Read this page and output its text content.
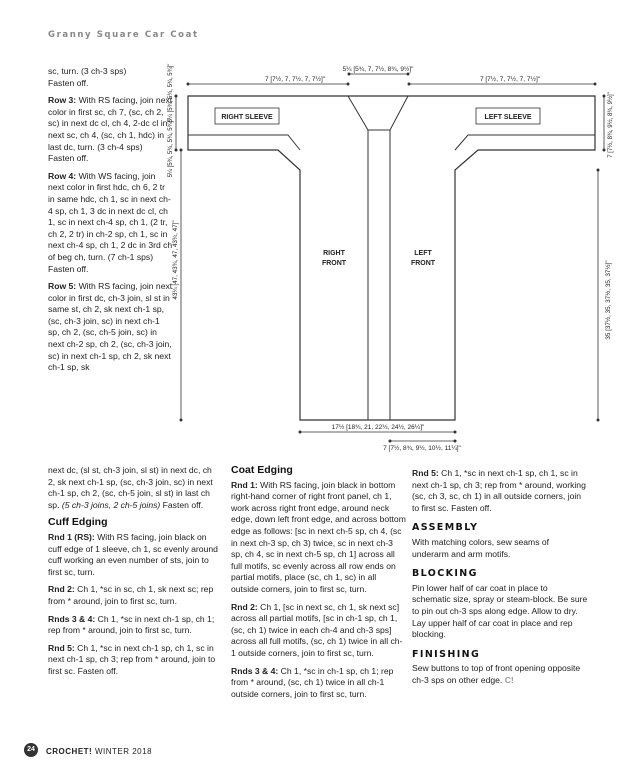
Granny Square Car Coat
5¼ [5¾, 7, 7½, 8¾, 9½]"
7 [7½, 7, 7½, 7, 7½]"	7 [7½, 7, 7½, 7, 7½]"
5¼ [5¾, 5¾, 5¾, 5¾]"
5¼ [5¾, 5¾, 5¾, 5¾]"
43¼ [47, 43¾, 47, 43¾, 47]"
7 [7½, 8¾, 9½, 8¾, 9½]"
35 [37½, 35, 37½, 35, 37½]"
17½ [18¾, 21, 22½, 24½, 26¼]"
7 [7½, 8¾, 9½, 10½, 11¼]"
RIGHT SLEEVE	LEFT SLEEVE
RIGHT
FRONT
LEFT
FRONT

sc, turn. (3 ch-3 sps)
Fasten off.

Row 3: With RS facing, join next color in first sc, ch 7, (sc, ch 2, sc) in next dc cl, ch 4, 2-dc cl in next sc, ch 4, (sc, ch 1, hdc) in last dc, turn. (3 ch-4 sps)
Fasten off.

Row 4: With WS facing, join next color in first hdc, ch 6, 2 tr in same hdc, ch 1, sc in next ch-4 sp, ch 1, 3 dc in next dc cl, ch 1, sc in next ch-4 sp, ch 1, (2 tr, ch 2, 2 tr) in ch-2 sp, ch 1, sc in next ch-4 sp, ch 1, 2 dc in 3rd ch of beg ch, turn. (7 ch-1 sps)
Fasten off.

Row 5: With RS facing, join next color in first dc, ch-3 join, sl st in same st, ch 2, sk next ch-1 sp, (sc, ch-3 join, sc) in next ch-1 sp, ch 2, (sc, ch-5 join, sc) in next ch-2 sp, ch 2, (sc, ch-3 join, sc) in next ch-1 sp, ch 2, sk next ch-1 sp, sk

next dc, (sl st, ch-3 join, sl st) in next dc, ch 2, sk next ch-1 sp, (sc, ch-3 join, sc) in next ch-1 sp, ch 2, (sc, ch-5 join, sl st) in last ch sp. (5 ch-3 joins, 2 ch-5 joins) Fasten off.

Cuff Edging

Rnd 1 (RS): With RS facing, join black on cuff edge of 1 sleeve, ch 1, sc evenly around cuff working an even number of sts, join to first sc, turn.

Rnd 2: Ch 1, *sc in sc, ch 1, sk next sc; rep from * around, join to first sc, turn.

Rnds 3 & 4: Ch 1, *sc in next ch-1 sp, ch 1; rep from * around, join to first sc, turn.

Rnd 5: Ch 1, *sc in next ch-1 sp, ch 1, sc in next ch-1 sp, ch 3; rep from * around, join to first sc. Fasten off.

Coat Edging

Rnd 1: With RS facing, join black in bottom right-hand corner of right front panel, ch 1, work across right front edge, around neck edge, down left front edge, and across bottom edge as follows: [sc in next ch-5 sp, ch 4, (sc in next ch-3 sp, ch 3) twice, sc in next ch-3 sp, ch 4, sc in next ch-5 sp, ch 1] across all full motifs, sc evenly across all row ends on partial motifs, place (sc, ch 1, sc) in all outside corners, join to first sc, turn.

Rnd 2: Ch 1, [sc in next sc, ch 1, sk next sc] across all partial motifs, [sc in ch-1 sp, ch 1, (sc, ch 1) twice in each ch-4 and ch-3 sps] across all full motifs, (sc, ch 1) twice in all ch-1 outside corners, join to first sc, turn.

Rnds 3 & 4: Ch 1, *sc in ch-1 sp, ch 1; rep from * around, (sc, ch 1) twice in all ch-1 outside corners, join to first sc, turn.

Rnd 5: Ch 1, *sc in next ch-1 sp, ch 1, sc in next ch-1 sp, ch 3; rep from * around, working (sc, ch 3, sc, ch 1) in all outside corners, join to first sc. Fasten off.

ASSEMBLY

With matching colors, sew seams of underarm and arm motifs.

BLOCKING

Pin lower half of car coat in place to schematic size, spray or steam-block. Be sure to pin out ch-3 sps along edge. Allow to dry. Lay upper half of car coat in place and rep blocking.

FINISHING

Sew buttons to top of front opening opposite ch-3 sps on other edge. C!

24	CROCHET! WINTER 2018
